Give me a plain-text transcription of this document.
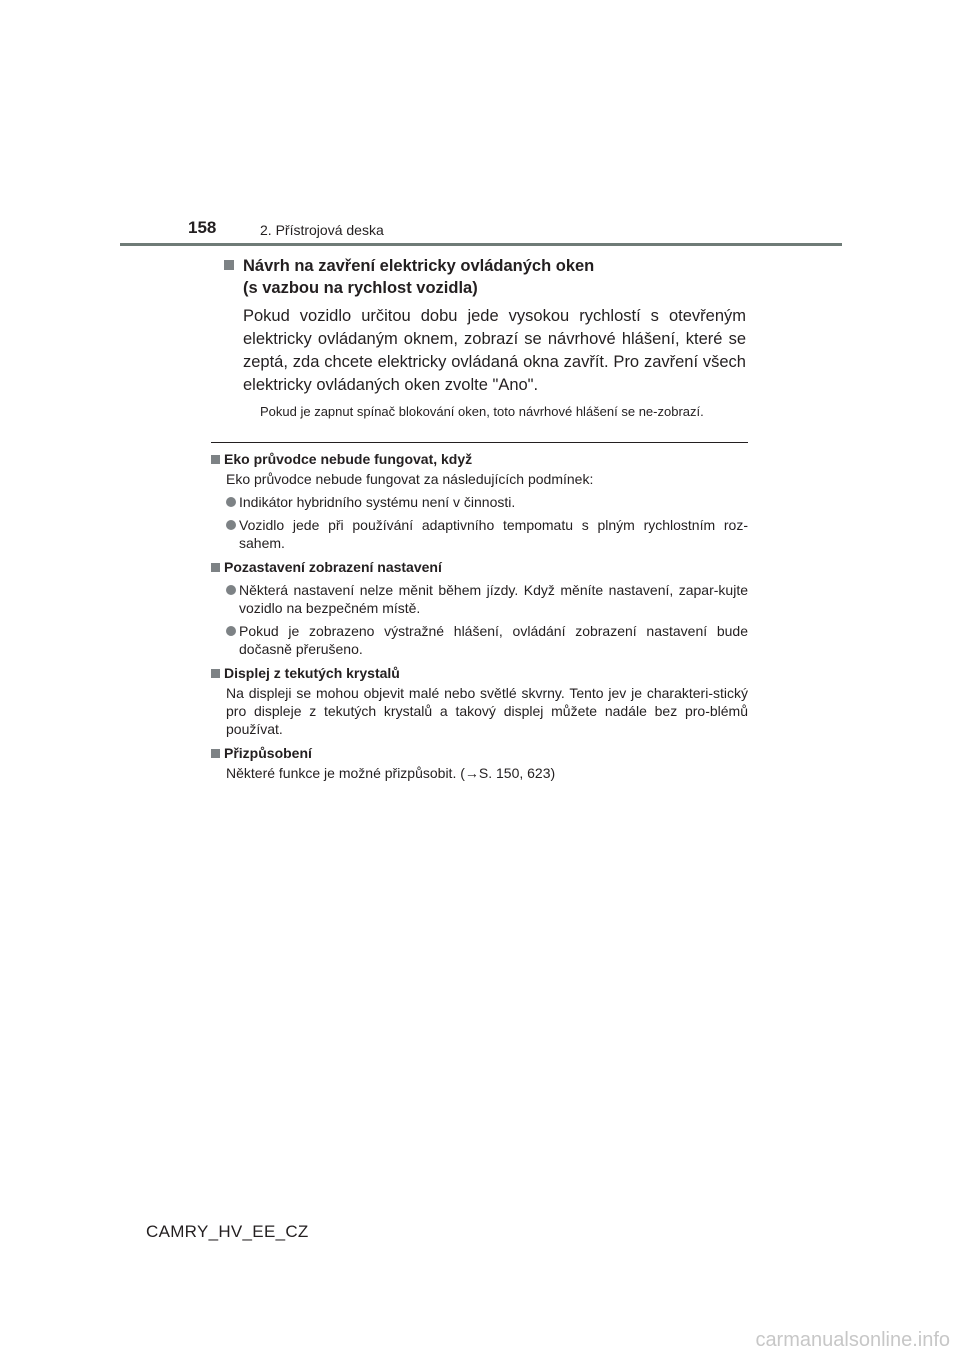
158	2. Přístrojová deska
Návrh na zavření elektricky ovládaných oken
(s vazbou na rychlost vozidla)

Pokud vozidlo určitou dobu jede vysokou rychlostí s otevřeným elektricky ovládaným oknem, zobrazí se návrhové hlášení, které se zeptá, zda chcete elektricky ovládaná okna zavřít. Pro zavření všech elektricky ovládaných oken zvolte "Ano".

Pokud je zapnut spínač blokování oken, toto návrhové hlášení se ne-zobrazí.

Eko průvodce nebude fungovat, když
Eko průvodce nebude fungovat za následujících podmínek:
Indikátor hybridního systému není v činnosti.
Vozidlo jede při používání adaptivního tempomatu s plným rychlostním roz-sahem.
Pozastavení zobrazení nastavení
Některá nastavení nelze měnit během jízdy. Když měníte nastavení, zapar-kujte vozidlo na bezpečném místě.
Pokud je zobrazeno výstražné hlášení, ovládání zobrazení nastavení bude dočasně přerušeno.
Displej z tekutých krystalů
Na displeji se mohou objevit malé nebo světlé skvrny. Tento jev je charakteri-stický pro displeje z tekutých krystalů a takový displej můžete nadále bez pro-blémů používat.
Přizpůsobení
Některé funkce je možné přizpůsobit. (→S. 150, 623)
CAMRY_HV_EE_CZ
carmanualsonline.info
